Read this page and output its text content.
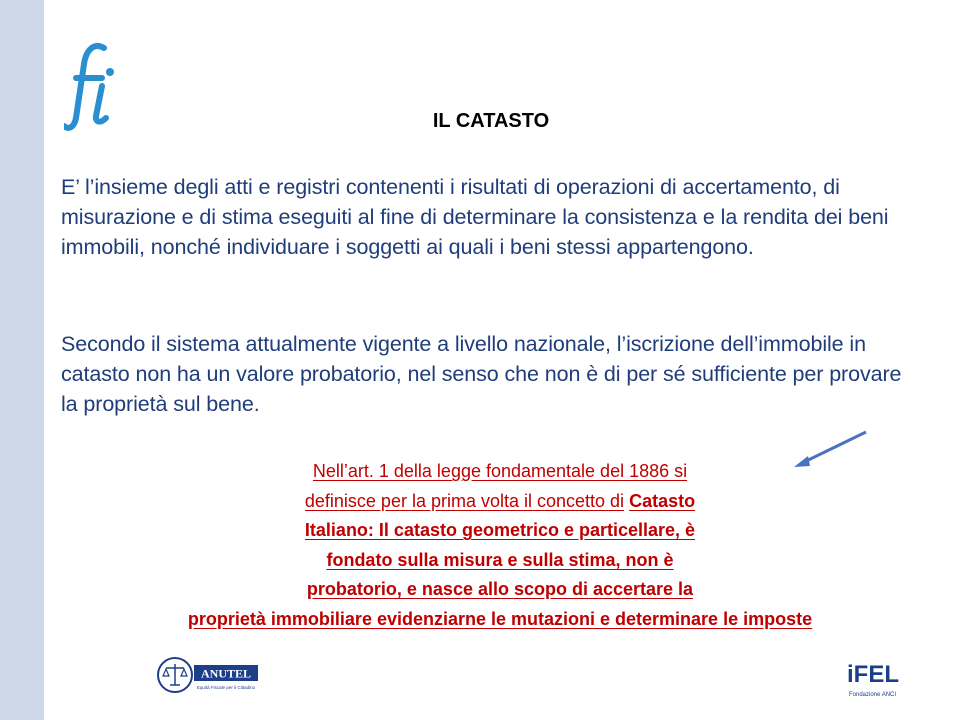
IL CATASTO
E’ l’insieme degli atti e registri contenenti i risultati di operazioni di accertamento, di misurazione e di stima eseguiti al fine di determinare la consistenza e la rendita dei beni immobili, nonché individuare i soggetti ai quali i beni stessi appartengono.
Secondo il sistema attualmente vigente a livello nazionale, l’iscrizione dell’immobile in catasto non ha un valore probatorio, nel senso che non è di per sé sufficiente per provare la proprietà sul bene.
Nell’art. 1 della legge fondamentale del 1886 si
definisce per la prima volta il concetto di Catasto
Italiano: Il catasto geometrico e particellare, è
fondato sulla misura e sulla stima, non è
probatorio, e nasce allo scopo di accertare la
proprietà immobiliare evidenziarne le mutazioni e determinare le imposte
ANUTEL
Equità Fiscale per il Cittadino	iFEL
Fondazione ANCI
